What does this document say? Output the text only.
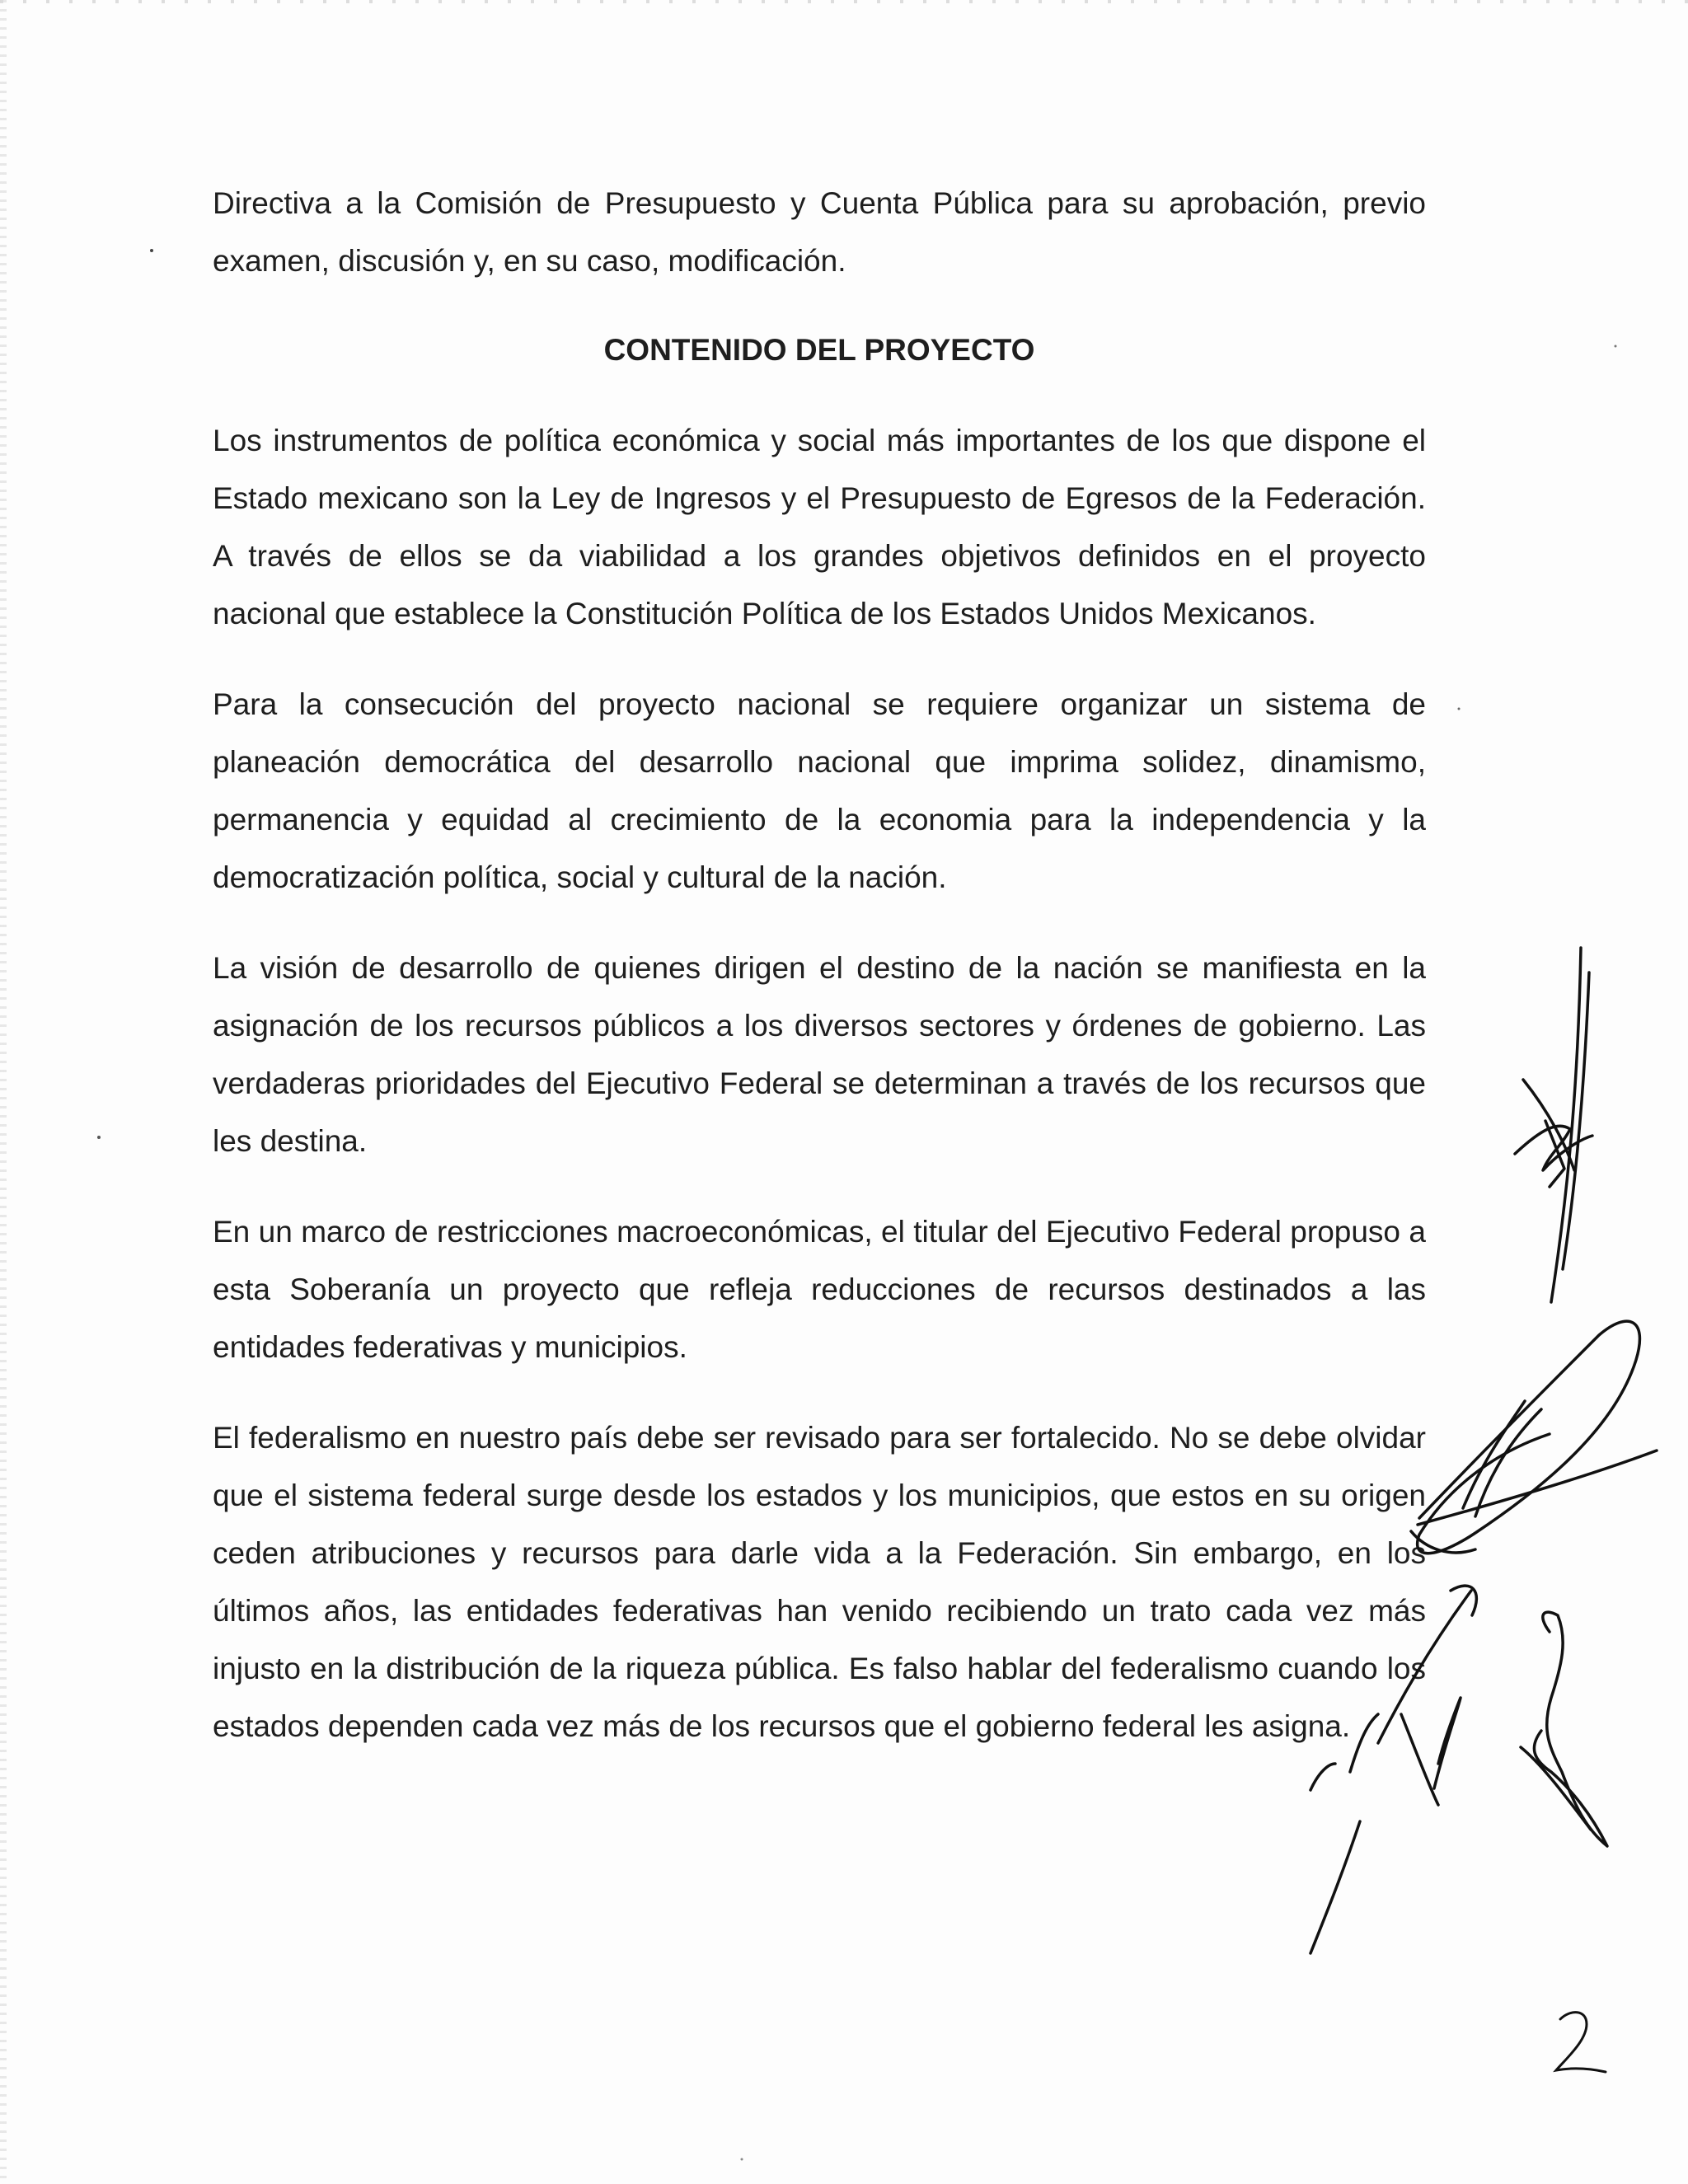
Directiva a la Comisión de Presupuesto y Cuenta Pública para su aprobación, previo examen, discusión y, en su caso, modificación.

CONTENIDO DEL PROYECTO

Los instrumentos de política económica y social más importantes de los que dispone el Estado mexicano son la Ley de Ingresos y el Presupuesto de Egresos de la Federación. A través de ellos se da viabilidad a los grandes objetivos definidos en el proyecto nacional que establece la Constitución Política de los Estados Unidos Mexicanos.

Para la consecución del proyecto nacional se requiere organizar un sistema de planeación democrática del desarrollo nacional que imprima solidez, dinamismo, permanencia y equidad al crecimiento de la economia para la independencia y la democratización política, social y cultural de la nación.

La visión de desarrollo de quienes dirigen el destino de la nación se manifiesta en la asignación de los recursos públicos a los diversos sectores y órdenes de gobierno. Las verdaderas prioridades del Ejecutivo Federal se determinan a través de los recursos que les destina.

En un marco de restricciones macroeconómicas, el titular del Ejecutivo Federal propuso a esta Soberanía un proyecto que refleja reducciones de recursos destinados a las entidades federativas y municipios.

El federalismo en nuestro país debe ser revisado para ser fortalecido. No se debe olvidar que el sistema federal surge desde los estados y los municipios, que estos en su origen ceden atribuciones y recursos para darle vida a la Federación. Sin embargo, en los últimos años, las entidades federativas han venido recibiendo un trato cada vez más injusto en la distribución de la riqueza pública. Es falso hablar del federalismo cuando los estados dependen cada vez más de los recursos que el gobierno federal les asigna.
